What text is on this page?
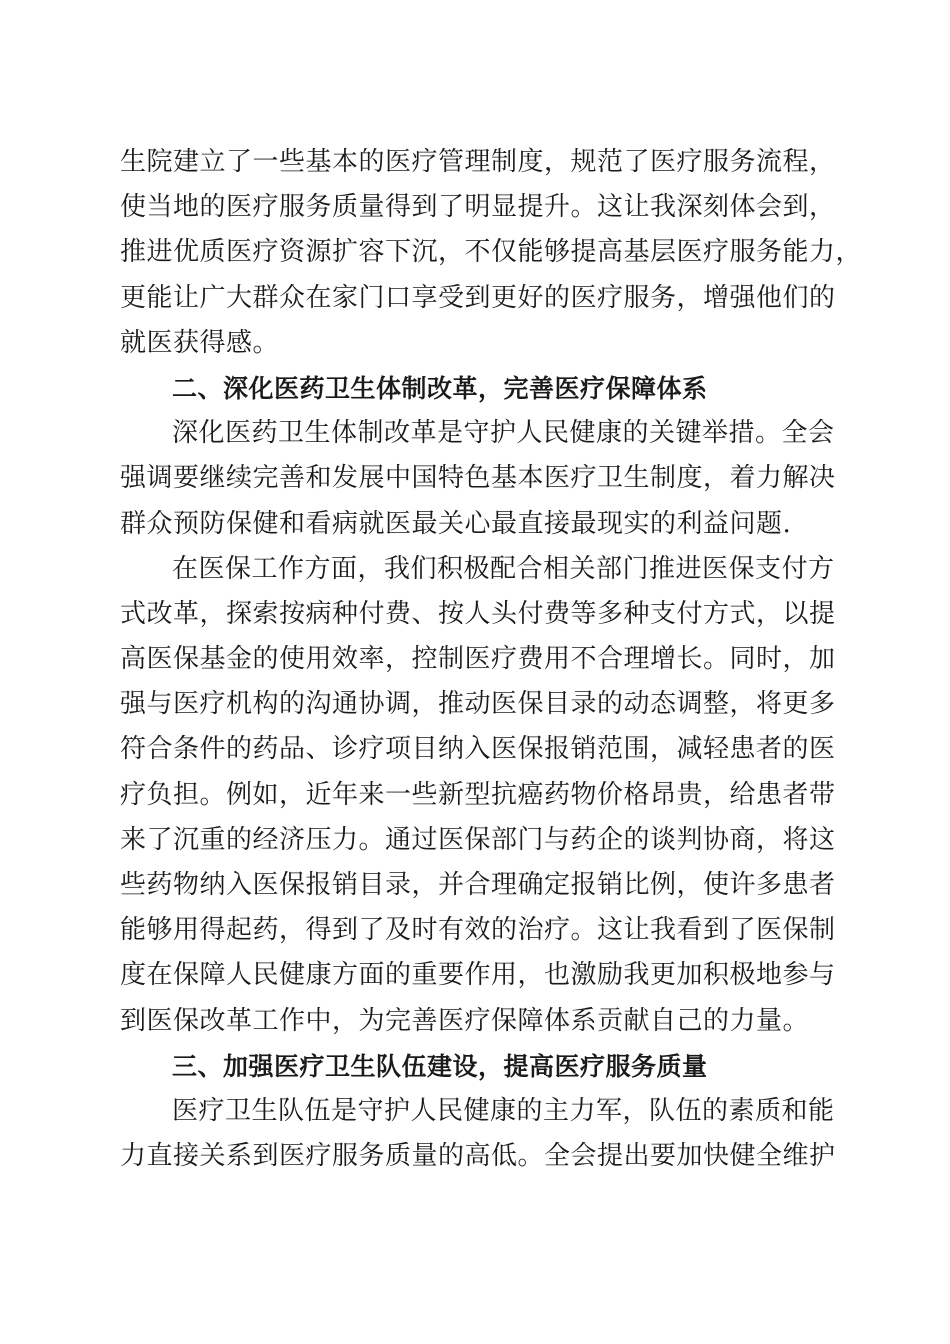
生院建立了一些基本的医疗管理制度，规范了医疗服务流程，
使当地的医疗服务质量得到了明显提升。这让我深刻体会到，
推进优质医疗资源扩容下沉，不仅能够提高基层医疗服务能力，
更能让广大群众在家门口享受到更好的医疗服务，增强他们的
就医获得感。
二、深化医药卫生体制改革，完善医疗保障体系
深化医药卫生体制改革是守护人民健康的关键举措。全会
强调要继续完善和发展中国特色基本医疗卫生制度，着力解决
群众预防保健和看病就医最关心最直接最现实的利益问题.
在医保工作方面，我们积极配合相关部门推进医保支付方
式改革，探索按病种付费、按人头付费等多种支付方式，以提
高医保基金的使用效率，控制医疗费用不合理增长。同时，加
强与医疗机构的沟通协调，推动医保目录的动态调整，将更多
符合条件的药品、诊疗项目纳入医保报销范围，减轻患者的医
疗负担。例如，近年来一些新型抗癌药物价格昂贵，给患者带
来了沉重的经济压力。通过医保部门与药企的谈判协商，将这
些药物纳入医保报销目录，并合理确定报销比例，使许多患者
能够用得起药，得到了及时有效的治疗。这让我看到了医保制
度在保障人民健康方面的重要作用，也激励我更加积极地参与
到医保改革工作中，为完善医疗保障体系贡献自己的力量。
三、加强医疗卫生队伍建设，提高医疗服务质量
医疗卫生队伍是守护人民健康的主力军，队伍的素质和能
力直接关系到医疗服务质量的高低。全会提出要加快健全维护
